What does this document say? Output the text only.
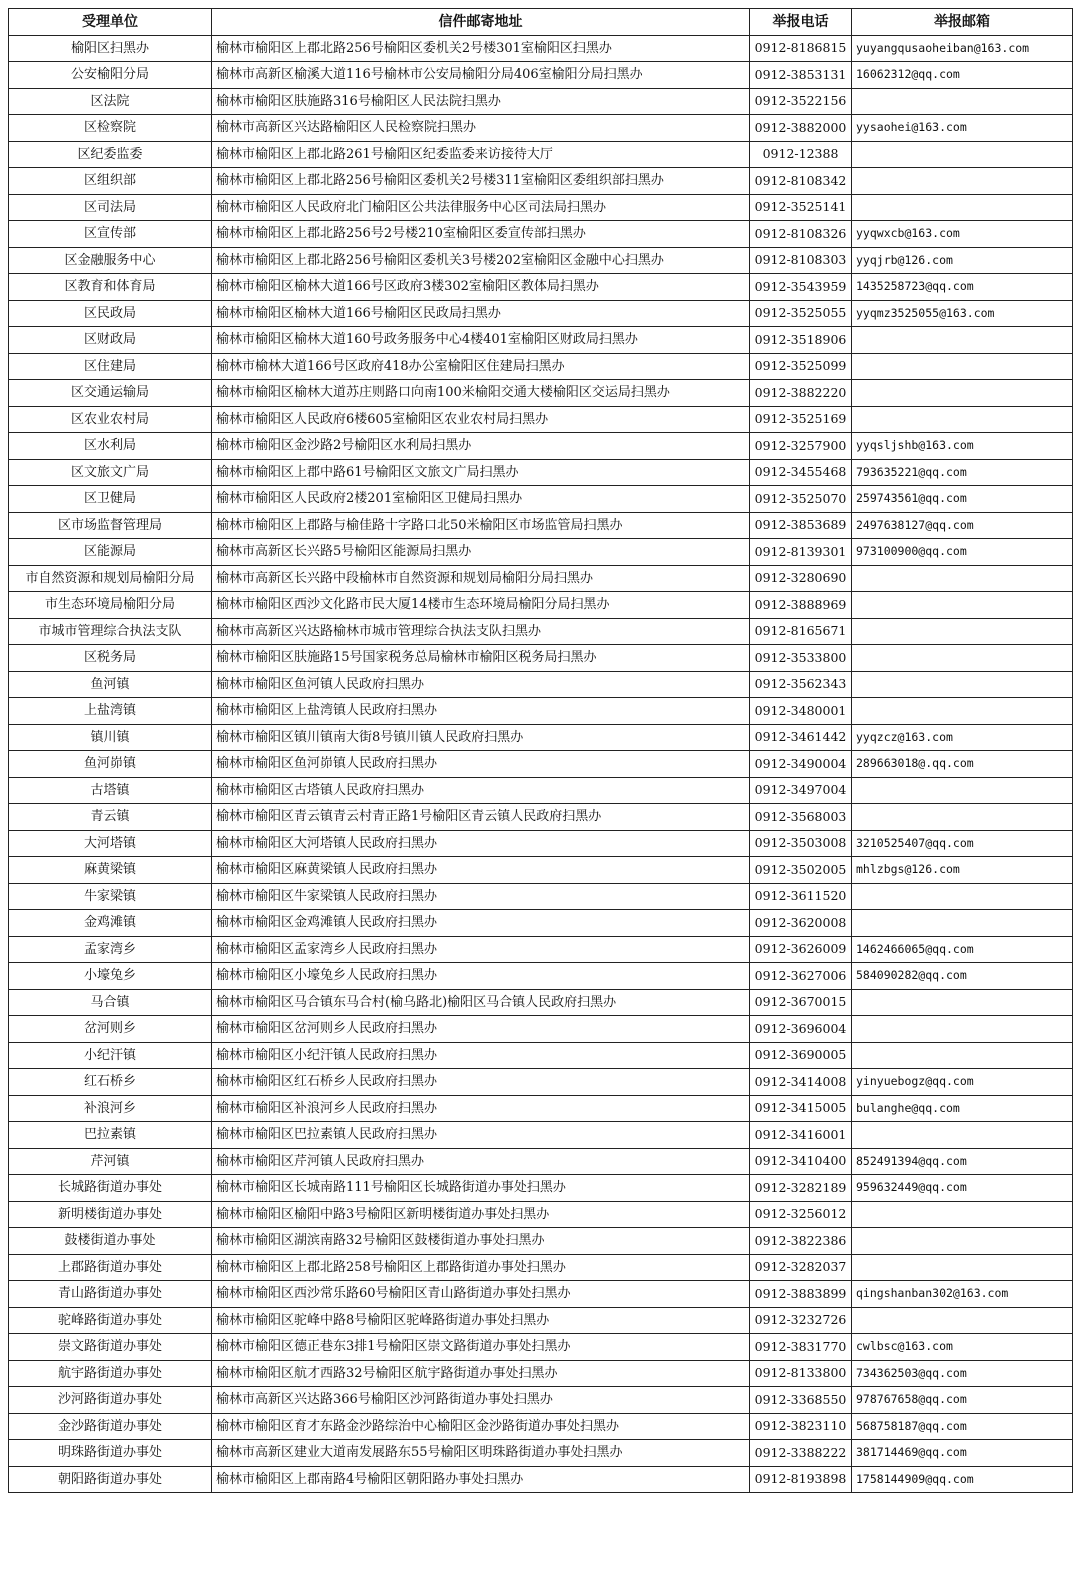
受理单位	信件邮寄地址	举报电话	举报邮箱
榆阳区扫黑办	榆林市榆阳区上郡北路256号榆阳区委机关2号楼301室榆阳区扫黑办	0912-8186815	yuyangqusaoheiban@163.com
公安榆阳分局	榆林市高新区榆溪大道116号榆林市公安局榆阳分局406室榆阳分局扫黑办	0912-3853131	16062312@qq.com
区法院	榆林市榆阳区肤施路316号榆阳区人民法院扫黑办	0912-3522156	
区检察院	榆林市高新区兴达路榆阳区人民检察院扫黑办	0912-3882000	yysaohei@163.com
区纪委监委	榆林市榆阳区上郡北路261号榆阳区纪委监委来访接待大厅	0912-12388	
区组织部	榆林市榆阳区上郡北路256号榆阳区委机关2号楼311室榆阳区委组织部扫黑办	0912-8108342	
区司法局	榆林市榆阳区人民政府北门榆阳区公共法律服务中心区司法局扫黑办	0912-3525141	
区宣传部	榆林市榆阳区上郡北路256号2号楼210室榆阳区委宣传部扫黑办	0912-8108326	yyqwxcb@163.com
区金融服务中心	榆林市榆阳区上郡北路256号榆阳区委机关3号楼202室榆阳区金融中心扫黑办	0912-8108303	yyqjrb@126.com
区教育和体育局	榆林市榆阳区榆林大道166号区政府3楼302室榆阳区教体局扫黑办	0912-3543959	1435258723@qq.com
区民政局	榆林市榆阳区榆林大道166号榆阳区民政局扫黑办	0912-3525055	yyqmz3525055@163.com
区财政局	榆林市榆阳区榆林大道160号政务服务中心4楼401室榆阳区财政局扫黑办	0912-3518906	
区住建局	榆林市榆林大道166号区政府418办公室榆阳区住建局扫黑办	0912-3525099	
区交通运输局	榆林市榆阳区榆林大道苏庄则路口向南100米榆阳交通大楼榆阳区交运局扫黑办	0912-3882220	
区农业农村局	榆林市榆阳区人民政府6楼605室榆阳区农业农村局扫黑办	0912-3525169	
区水利局	榆林市榆阳区金沙路2号榆阳区水利局扫黑办	0912-3257900	yyqsljshb@163.com
区文旅文广局	榆林市榆阳区上郡中路61号榆阳区文旅文广局扫黑办	0912-3455468	793635221@qq.com
区卫健局	榆林市榆阳区人民政府2楼201室榆阳区卫健局扫黑办	0912-3525070	259743561@qq.com
区市场监督管理局	榆林市榆阳区上郡路与榆佳路十字路口北50米榆阳区市场监管局扫黑办	0912-3853689	2497638127@qq.com
区能源局	榆林市高新区长兴路5号榆阳区能源局扫黑办	0912-8139301	973100900@qq.com
市自然资源和规划局榆阳分局	榆林市高新区长兴路中段榆林市自然资源和规划局榆阳分局扫黑办	0912-3280690	
市生态环境局榆阳分局	榆林市榆阳区西沙文化路市民大厦14楼市生态环境局榆阳分局扫黑办	0912-3888969	
市城市管理综合执法支队	榆林市高新区兴达路榆林市城市管理综合执法支队扫黑办	0912-8165671	
区税务局	榆林市榆阳区肤施路15号国家税务总局榆林市榆阳区税务局扫黑办	0912-3533800	
鱼河镇	榆林市榆阳区鱼河镇人民政府扫黑办	0912-3562343	
上盐湾镇	榆林市榆阳区上盐湾镇人民政府扫黑办	0912-3480001	
镇川镇	榆林市榆阳区镇川镇南大街8号镇川镇人民政府扫黑办	0912-3461442	yyqzcz@163.com
鱼河峁镇	榆林市榆阳区鱼河峁镇人民政府扫黑办	0912-3490004	289663018@.qq.com
古塔镇	榆林市榆阳区古塔镇人民政府扫黑办	0912-3497004	
青云镇	榆林市榆阳区青云镇青云村青正路1号榆阳区青云镇人民政府扫黑办	0912-3568003	
大河塔镇	榆林市榆阳区大河塔镇人民政府扫黑办	0912-3503008	3210525407@qq.com
麻黄梁镇	榆林市榆阳区麻黄梁镇人民政府扫黑办	0912-3502005	mhlzbgs@126.com
牛家梁镇	榆林市榆阳区牛家梁镇人民政府扫黑办	0912-3611520	
金鸡滩镇	榆林市榆阳区金鸡滩镇人民政府扫黑办	0912-3620008	
孟家湾乡	榆林市榆阳区孟家湾乡人民政府扫黑办	0912-3626009	1462466065@qq.com
小壕兔乡	榆林市榆阳区小壕兔乡人民政府扫黑办	0912-3627006	584090282@qq.com
马合镇	榆林市榆阳区马合镇东马合村(榆乌路北)榆阳区马合镇人民政府扫黑办	0912-3670015	
岔河则乡	榆林市榆阳区岔河则乡人民政府扫黑办	0912-3696004	
小纪汗镇	榆林市榆阳区小纪汗镇人民政府扫黑办	0912-3690005	
红石桥乡	榆林市榆阳区红石桥乡人民政府扫黑办	0912-3414008	yinyuebogz@qq.com
补浪河乡	榆林市榆阳区补浪河乡人民政府扫黑办	0912-3415005	bulanghe@qq.com
巴拉素镇	榆林市榆阳区巴拉素镇人民政府扫黑办	0912-3416001	
芹河镇	榆林市榆阳区芹河镇人民政府扫黑办	0912-3410400	852491394@qq.com
长城路街道办事处	榆林市榆阳区长城南路111号榆阳区长城路街道办事处扫黑办	0912-3282189	959632449@qq.com
新明楼街道办事处	榆林市榆阳区榆阳中路3号榆阳区新明楼街道办事处扫黑办	0912-3256012	
鼓楼街道办事处	榆林市榆阳区湖滨南路32号榆阳区鼓楼街道办事处扫黑办	0912-3822386	
上郡路街道办事处	榆林市榆阳区上郡北路258号榆阳区上郡路街道办事处扫黑办	0912-3282037	
青山路街道办事处	榆林市榆阳区西沙常乐路60号榆阳区青山路街道办事处扫黑办	0912-3883899	qingshanban302@163.com
驼峰路街道办事处	榆林市榆阳区驼峰中路8号榆阳区驼峰路街道办事处扫黑办	0912-3232726	
崇文路街道办事处	榆林市榆阳区德正巷东3排1号榆阳区崇文路街道办事处扫黑办	0912-3831770	cwlbsc@163.com
航宇路街道办事处	榆林市榆阳区航才西路32号榆阳区航宇路街道办事处扫黑办	0912-8133800	734362503@qq.com
沙河路街道办事处	榆林市高新区兴达路366号榆阳区沙河路街道办事处扫黑办	0912-3368550	978767658@qq.com
金沙路街道办事处	榆林市榆阳区育才东路金沙路综治中心榆阳区金沙路街道办事处扫黑办	0912-3823110	568758187@qq.com
明珠路街道办事处	榆林市高新区建业大道南发展路东55号榆阳区明珠路街道办事处扫黑办	0912-3388222	381714469@qq.com
朝阳路街道办事处	榆林市榆阳区上郡南路4号榆阳区朝阳路办事处扫黑办	0912-8193898	1758144909@qq.com
